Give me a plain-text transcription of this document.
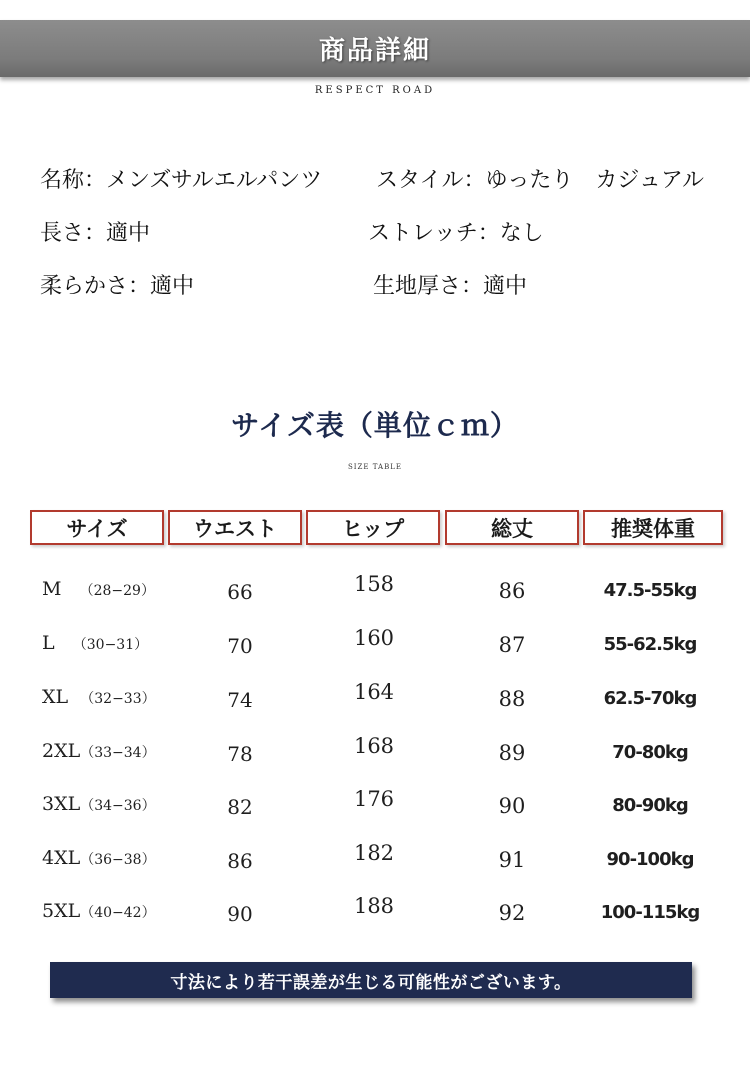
商品詳細
RESPECT ROAD
名称：メンズサルエルパンツ スタイル：ゆったり　カジュアル
長さ：適中	ストレッチ：なし
柔らかさ：適中	生地厚さ：適中
サイズ表（単位ｃｍ）
SIZE TABLE
サイズ	ウエスト	ヒップ	総丈	推奨体重
M （28−29）	66	158	86	47.5-55kg
L （30−31）	70	160	87	55-62.5kg
XL （32−33）	74	164	88	62.5-70kg
2XL（33−34）	78	168	89	70-80kg
3XL（34−36）	82	176	90	80-90kg
4XL（36−38）	86	182	91	90-100kg
5XL（40−42）	90	188	92	100-115kg
寸法により若干誤差が生じる可能性がございます。
